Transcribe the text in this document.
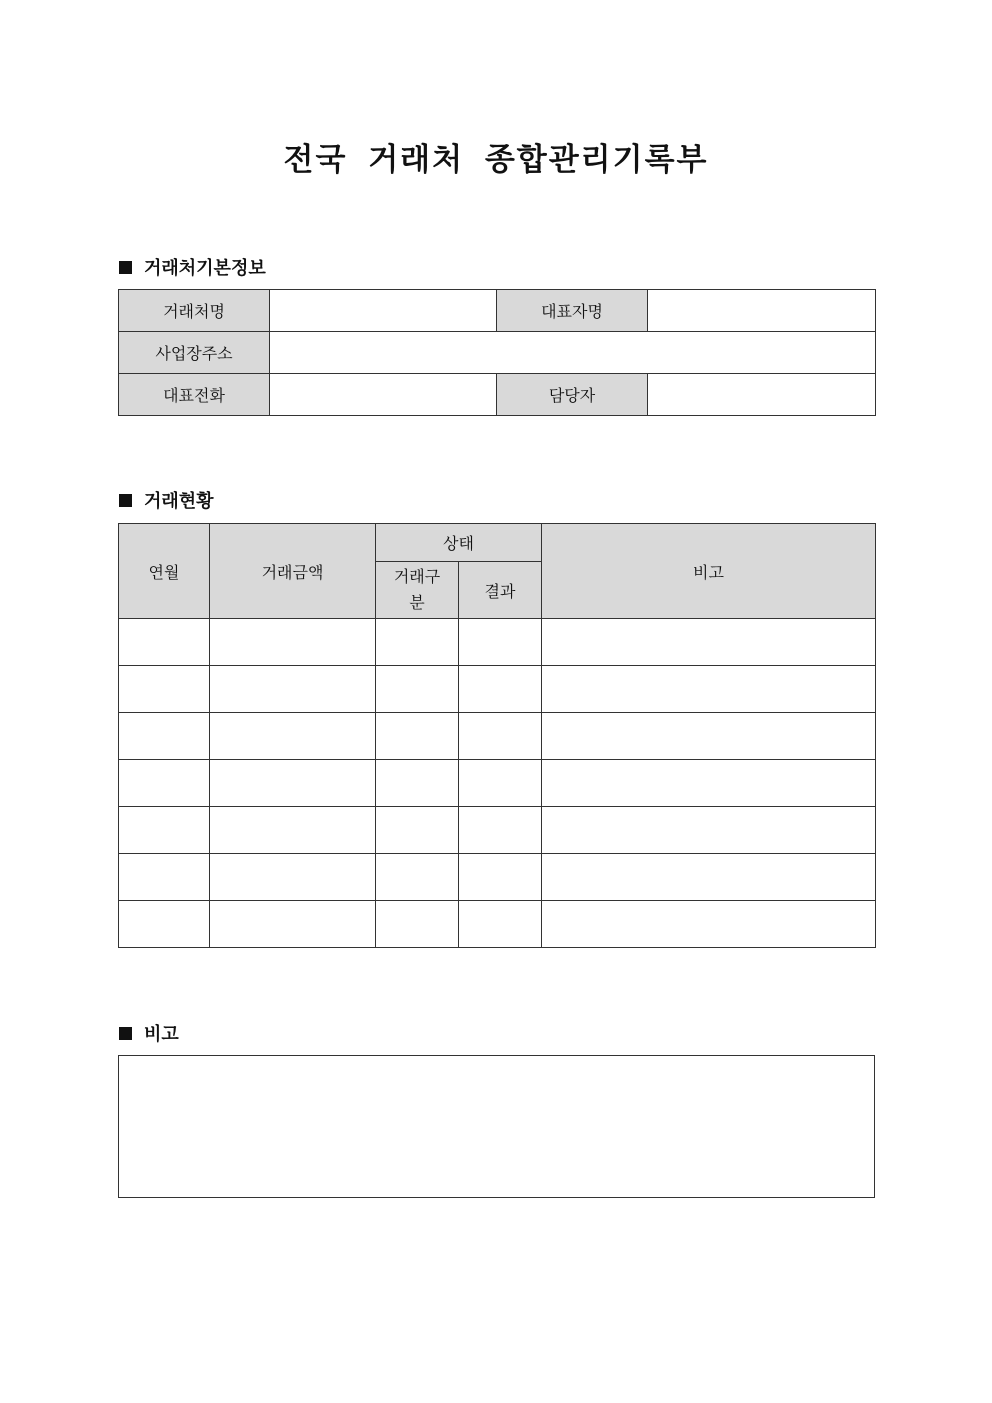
전국 거래처 종합관리기록부
거래처기본정보
거래처명		대표자명	
사업장주소			
대표전화		담당자	
거래현황
연월	거래금액	상태		비고
		거래구분	결과	

비고
